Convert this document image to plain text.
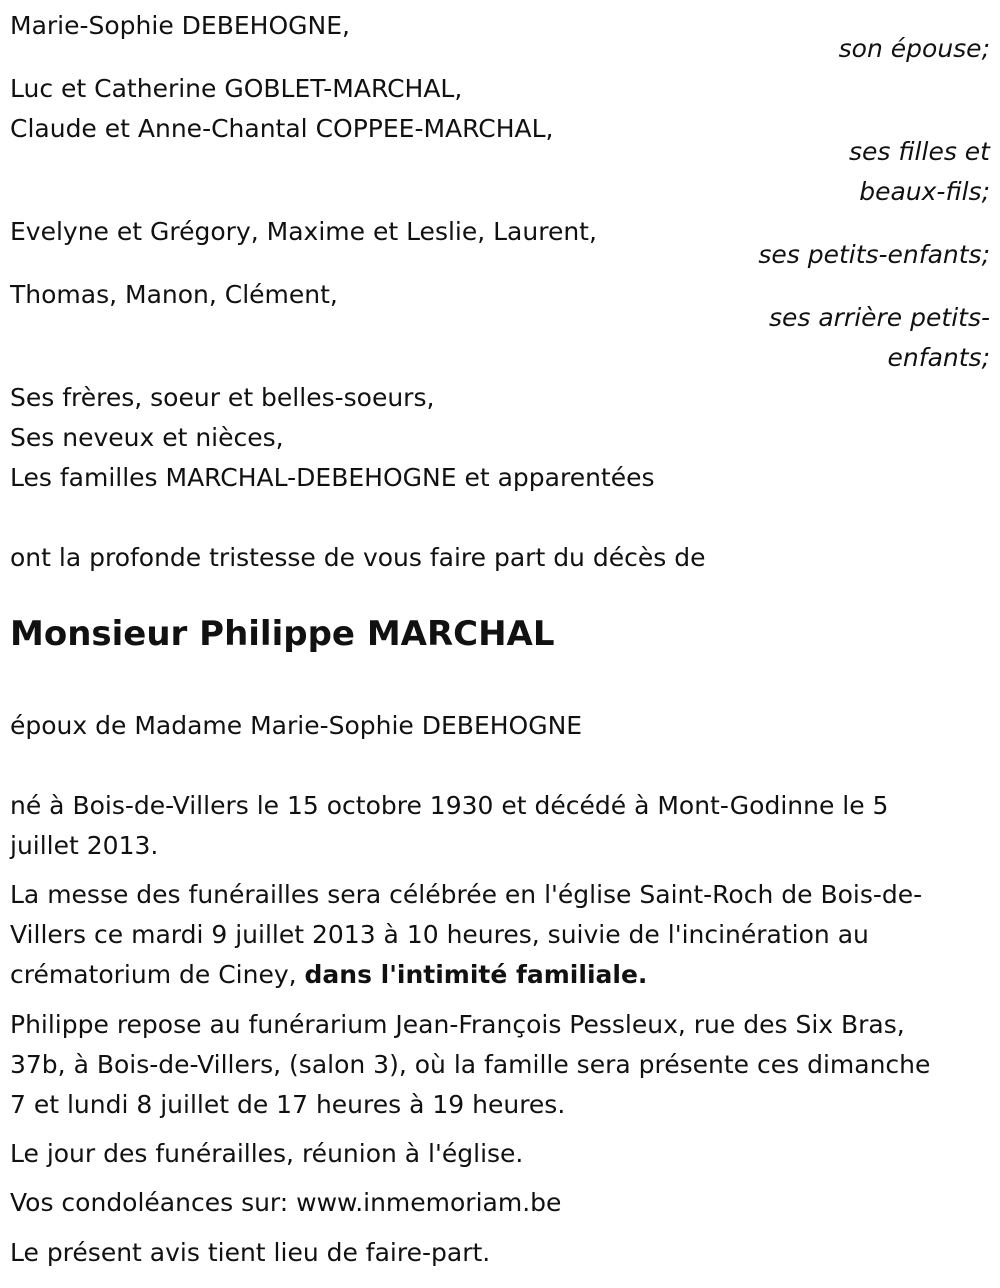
Marie-Sophie DEBEHOGNE,
son épouse;
Luc et Catherine GOBLET-MARCHAL,
Claude et Anne-Chantal COPPEE-MARCHAL,
ses filles et
beaux-fils;
Evelyne et Grégory, Maxime et Leslie, Laurent,
ses petits-enfants;
Thomas, Manon, Clément,
ses arrière petits-
enfants;
Ses frères, soeur et belles-soeurs,
Ses neveux et nièces,
Les familles MARCHAL-DEBEHOGNE et apparentées
ont la profonde tristesse de vous faire part du décès de
Monsieur Philippe MARCHAL
époux de Madame Marie-Sophie DEBEHOGNE
né à Bois-de-Villers le 15 octobre 1930 et décédé à Mont-Godinne le 5
juillet 2013.
La messe des funérailles sera célébrée en l'église Saint-Roch de Bois-de-
Villers ce mardi 9 juillet 2013 à 10 heures, suivie de l'incinération au
crématorium de Ciney, dans l'intimité familiale.
Philippe repose au funérarium Jean-François Pessleux, rue des Six Bras,
37b, à Bois-de-Villers, (salon 3), où la famille sera présente ces dimanche
7 et lundi 8 juillet de 17 heures à 19 heures.
Le jour des funérailles, réunion à l'église.
Vos condoléances sur: www.inmemoriam.be
Le présent avis tient lieu de faire-part.
